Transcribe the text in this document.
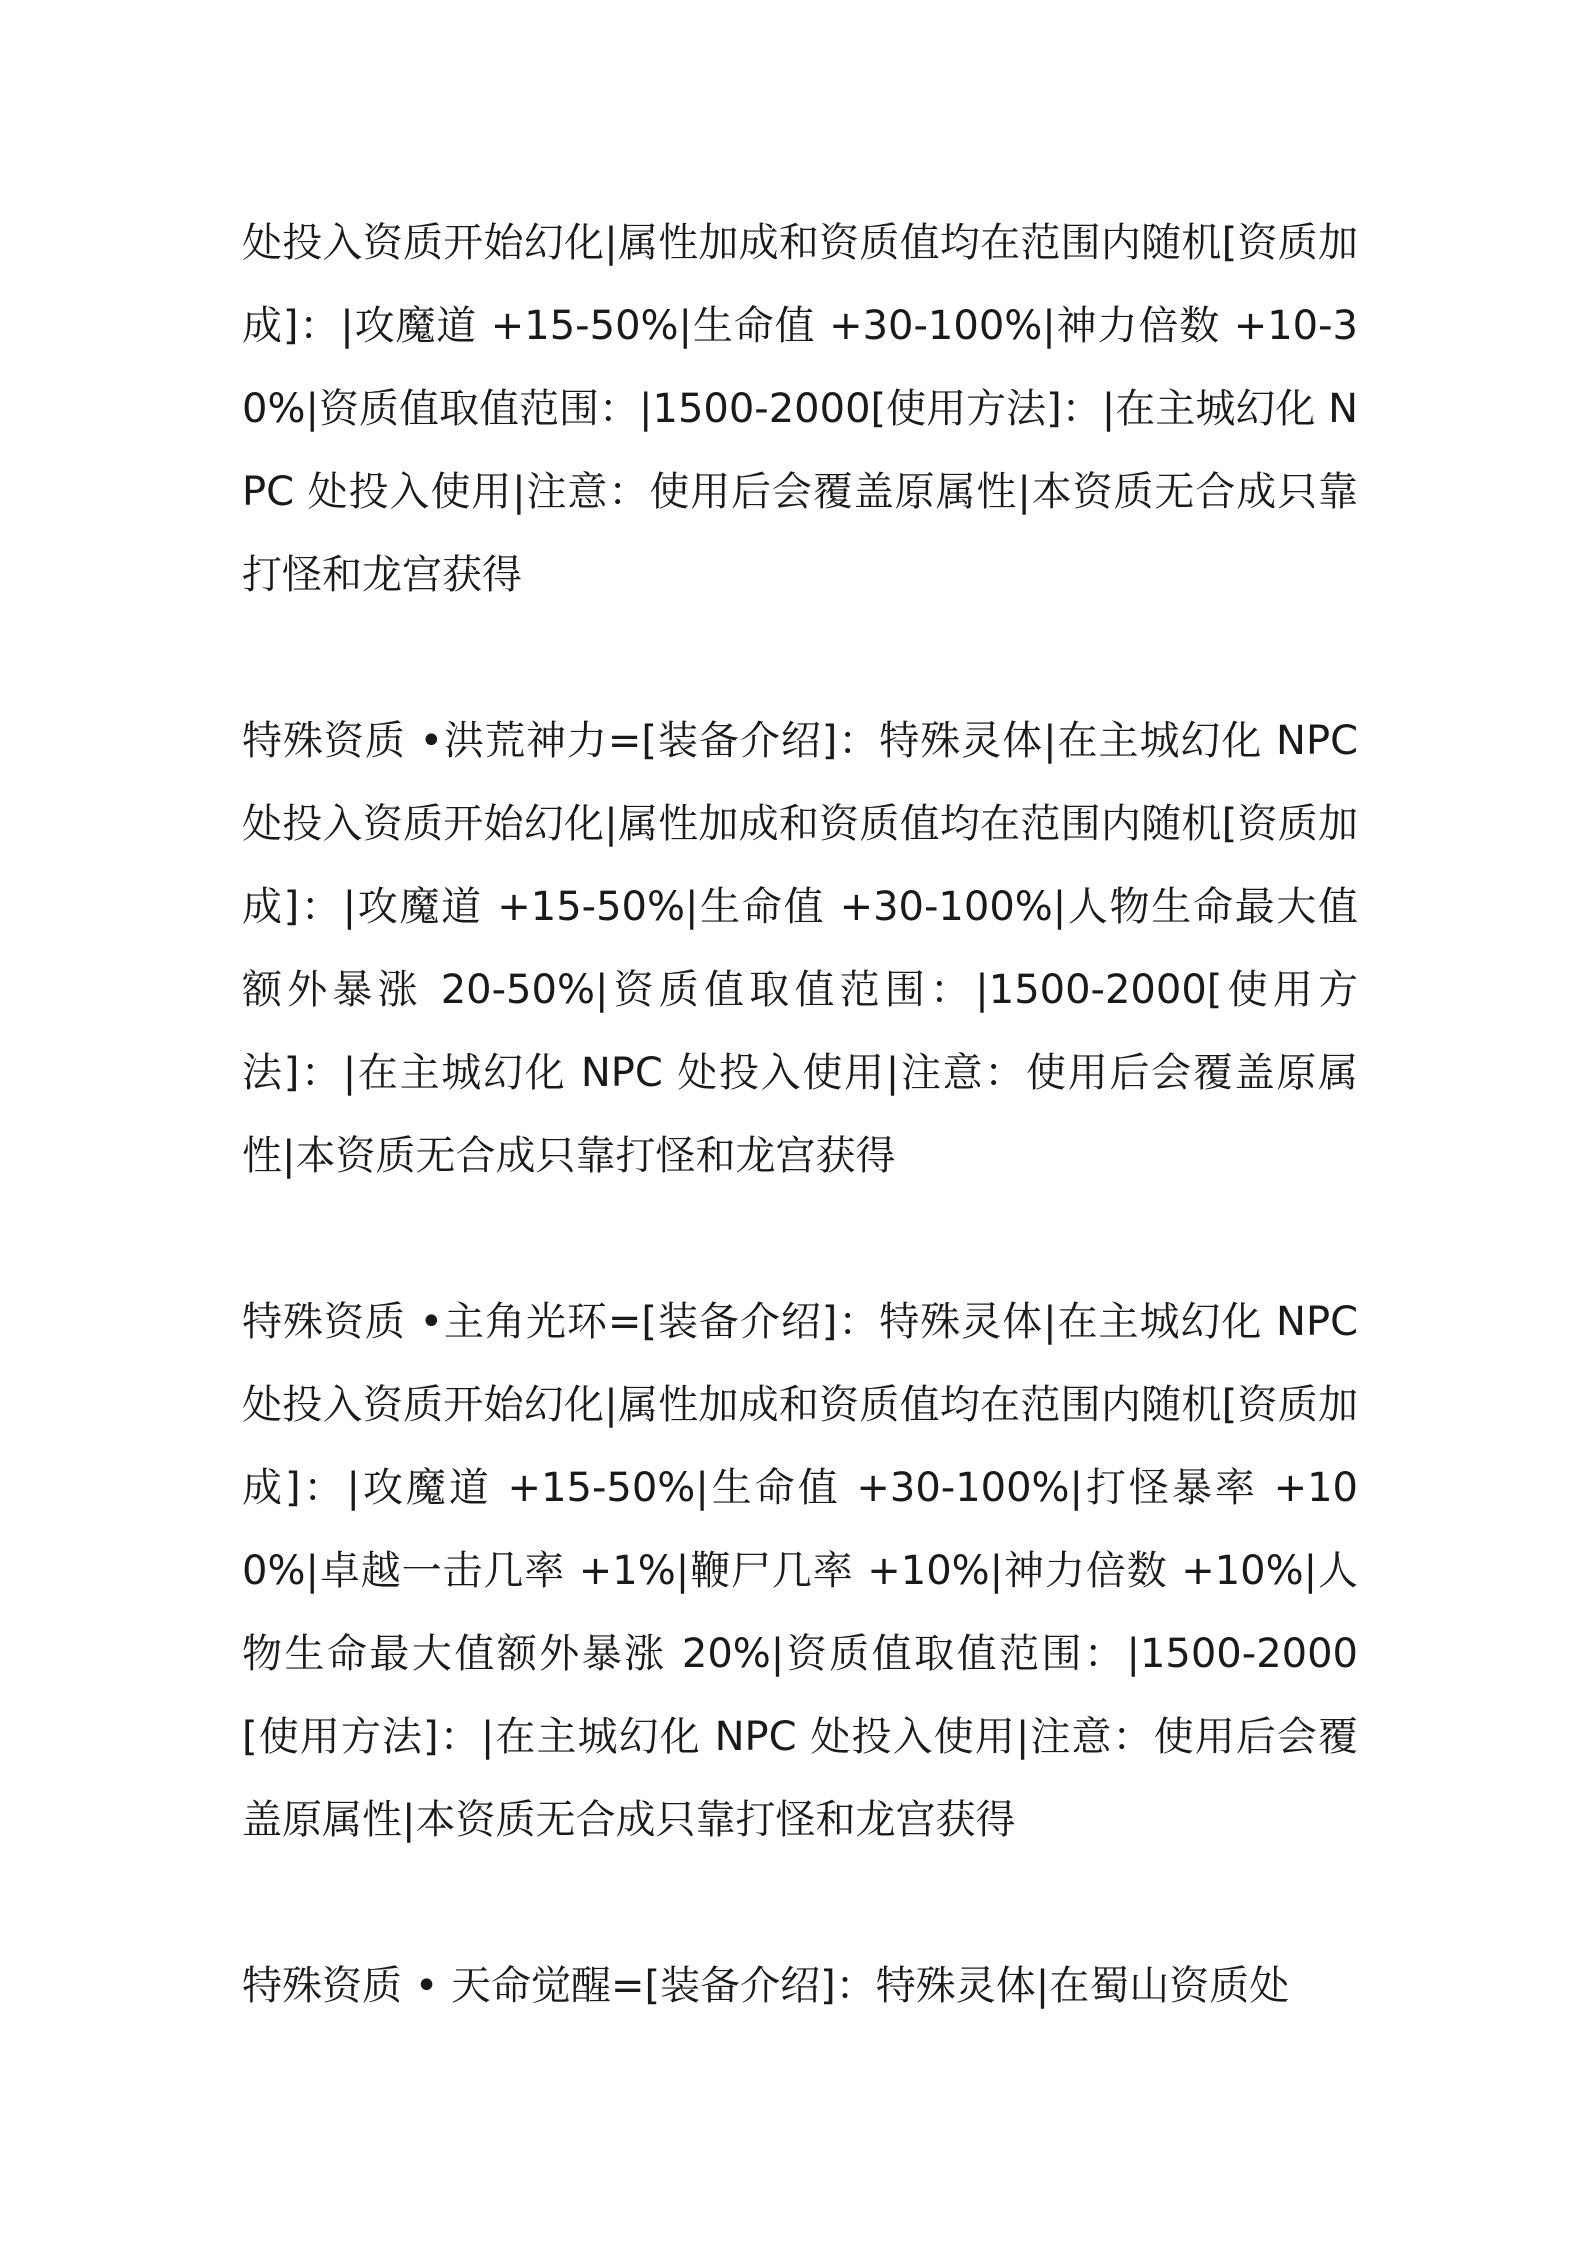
处投入资质开始幻化|属性加成和资质值均在范围内随机[资质加成]：|攻魔道 +15-50%|生命值 +30-100%|神力倍数 +10-30%|资质值取值范围：|1500-2000[使用方法]：|在主城幻化 NPC 处投入使用|注意：使用后会覆盖原属性|本资质无合成只靠打怪和龙宫获得

特殊资质 •洪荒神力=[装备介绍]：特殊灵体|在主城幻化 NPC 处投入资质开始幻化|属性加成和资质值均在范围内随机[资质加成]：|攻魔道 +15-50%|生命值 +30-100%|人物生命最大值额外暴涨 20-50%|资质值取值范围：|1500-2000[使用方法]：|在主城幻化 NPC 处投入使用|注意：使用后会覆盖原属性|本资质无合成只靠打怪和龙宫获得

特殊资质 •主角光环=[装备介绍]：特殊灵体|在主城幻化 NPC 处投入资质开始幻化|属性加成和资质值均在范围内随机[资质加成]：|攻魔道 +15-50%|生命值 +30-100%|打怪暴率 +100%|卓越一击几率 +1%|鞭尸几率 +10%|神力倍数 +10%|人物生命最大值额外暴涨 20%|资质值取值范围：|1500-2000[使用方法]：|在主城幻化 NPC 处投入使用|注意：使用后会覆盖原属性|本资质无合成只靠打怪和龙宫获得

特殊资质 • 天命觉醒=[装备介绍]：特殊灵体|在蜀山资质处
